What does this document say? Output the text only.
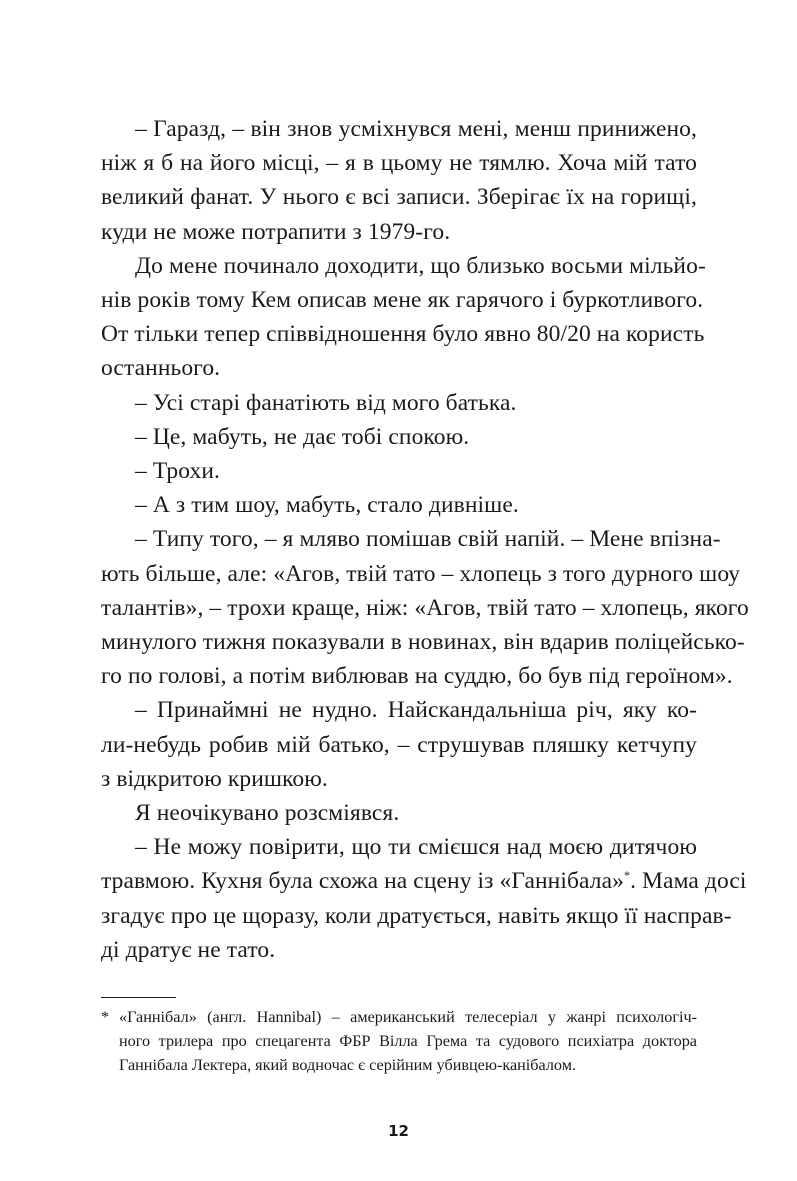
– Гаразд, – він знов усміхнувся мені, менш принижено,
ніж я б на його місці, – я в цьому не тямлю. Хоча мій тато
великий фанат. У нього є всі записи. Зберігає їх на горищі,
куди не може потрапити з 1979-го.

До мене починало доходити, що близько восьми мільйо-
нів років тому Кем описав мене як гарячого і буркотливого.
От тільки тепер співвідношення було явно 80/20 на користь
останнього.

– Усі старі фанатіють від мого батька.

– Це, мабуть, не дає тобі спокою.

– Трохи.

– А з тим шоу, мабуть, стало дивніше.

– Типу того, – я мляво помішав свій напій. – Мене впізна-
ють більше, але: «Агов, твій тато – хлопець з того дурного шоу
талантів», – трохи краще, ніж: «Агов, твій тато – хлопець, якого
минулого тижня показували в новинах, він вдарив поліцейсько-
го по голові, а потім виблював на суддю, бо був під героїном».

– Принаймні не нудно. Найскандальніша річ, яку ко-
ли-небудь робив мій батько, – струшував пляшку кетчупу
з відкритою кришкою.

Я неочікувано розсміявся.

– Не можу повірити, що ти смієшся над моєю дитячою
травмою. Кухня була схожа на сцену із «Ганнібала»*. Мама досі
згадує про це щоразу, коли дратується, навіть якщо її насправ-
ді дратує не тато.

* «Ганнібал» (англ. Hannibal) – американський телесеріал у жанрі психологіч-
ного трилера про спецагента ФБР Вілла Грема та судового психіатра доктора
Ганнібала Лектера, який водночас є серійним убивцею-канібалом.
12
